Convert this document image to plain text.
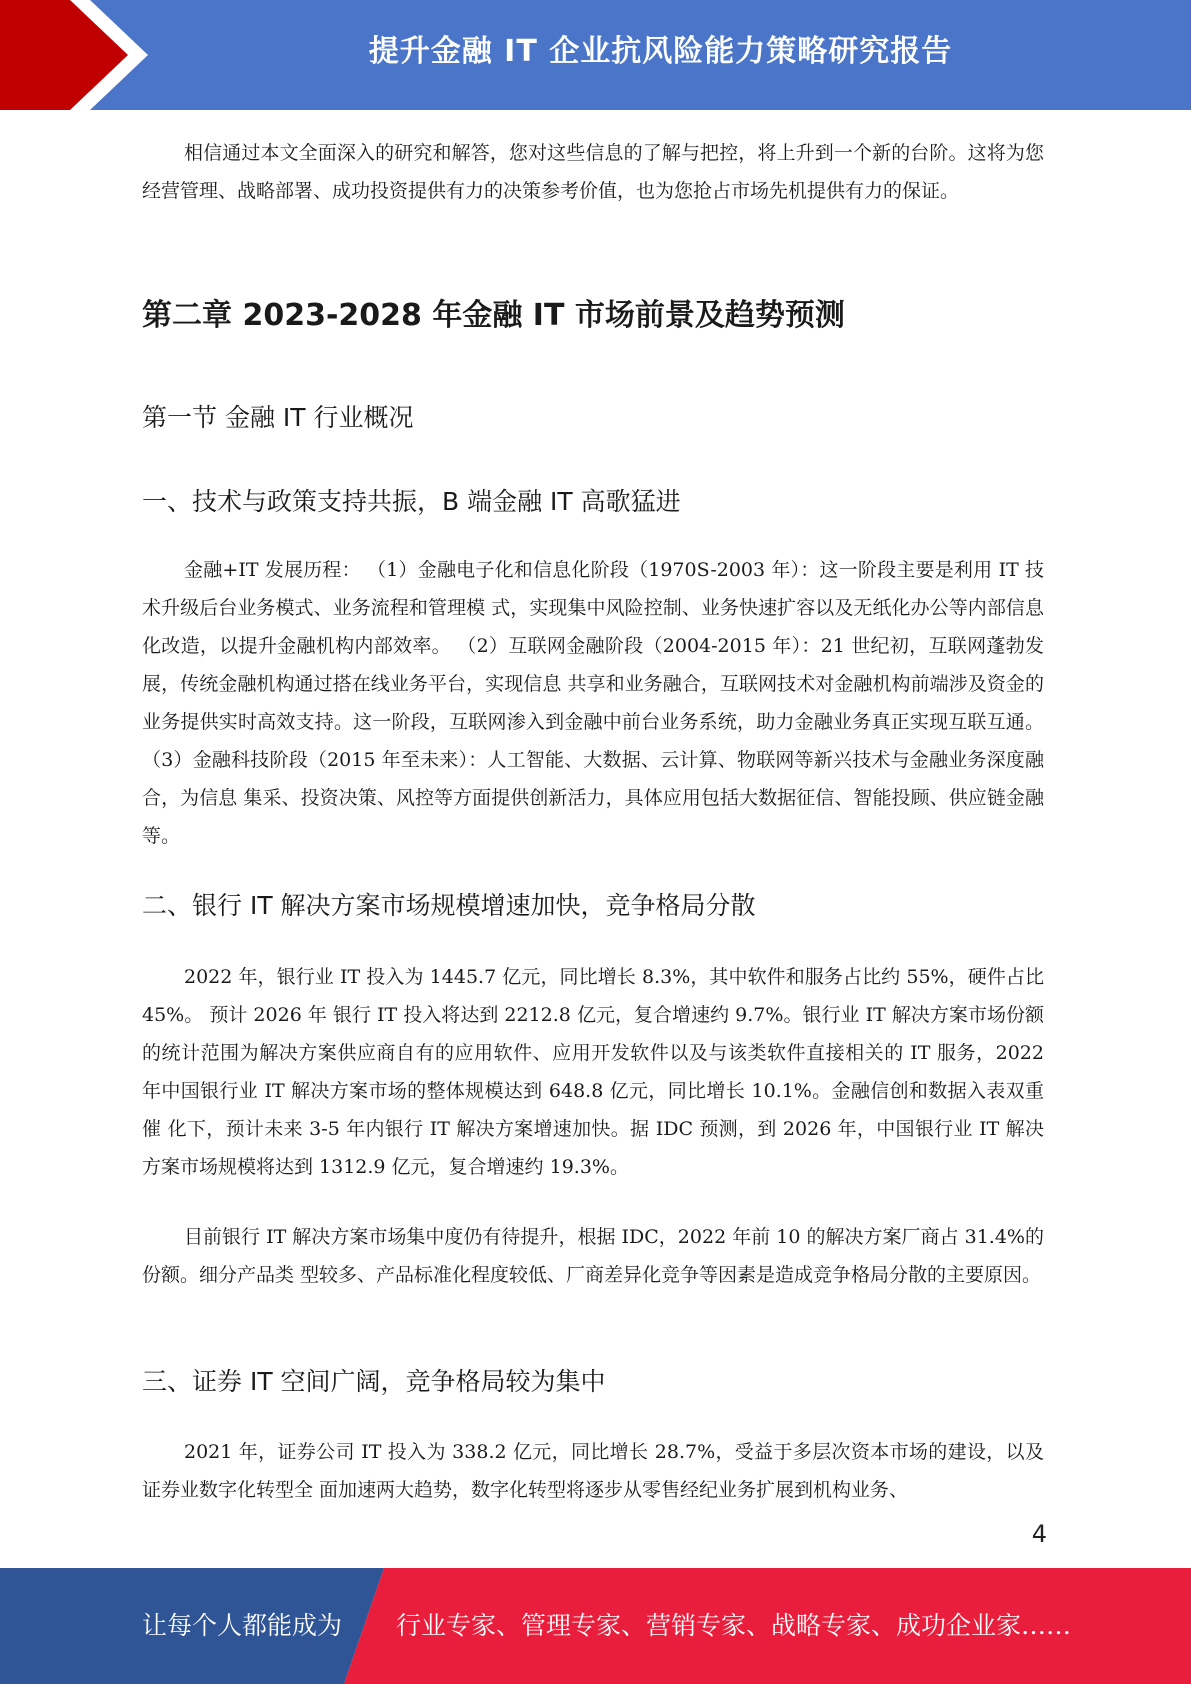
提升金融 IT 企业抗风险能力策略研究报告

相信通过本文全面深入的研究和解答，您对这些信息的了解与把控，将上升到一个新的台阶。这将为您经营管理、战略部署、成功投资提供有力的决策参考价值，也为您抢占市场先机提供有力的保证。

第二章 2023-2028 年金融 IT 市场前景及趋势预测
第一节 金融 IT 行业概况
一、技术与政策支持共振，B 端金融 IT 高歌猛进

金融+IT 发展历程： （1）金融电子化和信息化阶段（1970S-2003 年）：这一阶段主要是利用 IT 技术升级后台业务模式、业务流程和管理模 式，实现集中风险控制、业务快速扩容以及无纸化办公等内部信息化改造，以提升金融机构内部效率。 （2）互联网金融阶段（2004-2015 年）：21 世纪初，互联网蓬勃发展，传统金融机构通过搭在线业务平台，实现信息 共享和业务融合，互联网技术对金融机构前端涉及资金的业务提供实时高效支持。这一阶段，互联网渗入到金融中前台业务系统，助力金融业务真正实现互联互通。 （3）金融科技阶段（2015 年至未来）：人工智能、大数据、云计算、物联网等新兴技术与金融业务深度融合，为信息 集采、投资决策、风控等方面提供创新活力，具体应用包括大数据征信、智能投顾、供应链金融等。

二、银行 IT 解决方案市场规模增速加快，竞争格局分散

2022 年，银行业 IT 投入为 1445.7 亿元，同比增长 8.3%，其中软件和服务占比约 55%，硬件占比 45%。 预计 2026 年 银行 IT 投入将达到 2212.8 亿元，复合增速约 9.7%。银行业 IT 解决方案市场份额的统计范围为解决方案供应商自有的应用软件、应用开发软件以及与该类软件直接相关的 IT 服务，2022 年中国银行业 IT 解决方案市场的整体规模达到 648.8 亿元，同比增长 10.1%。金融信创和数据入表双重催 化下，预计未来 3-5 年内银行 IT 解决方案增速加快。据 IDC 预测，到 2026 年，中国银行业 IT 解决方案市场规模将达到 1312.9 亿元，复合增速约 19.3%。

目前银行 IT 解决方案市场集中度仍有待提升，根据 IDC，2022 年前 10 的解决方案厂商占 31.4%的份额。细分产品类 型较多、产品标准化程度较低、厂商差异化竞争等因素是造成竞争格局分散的主要原因。

三、证券 IT 空间广阔，竞争格局较为集中

2021 年，证券公司 IT 投入为 338.2 亿元，同比增长 28.7%，受益于多层次资本市场的建设，以及证券业数字化转型全 面加速两大趋势，数字化转型将逐步从零售经纪业务扩展到机构业务、

4
让每个人都能成为 行业专家、管理专家、营销专家、战略专家、成功企业家……
